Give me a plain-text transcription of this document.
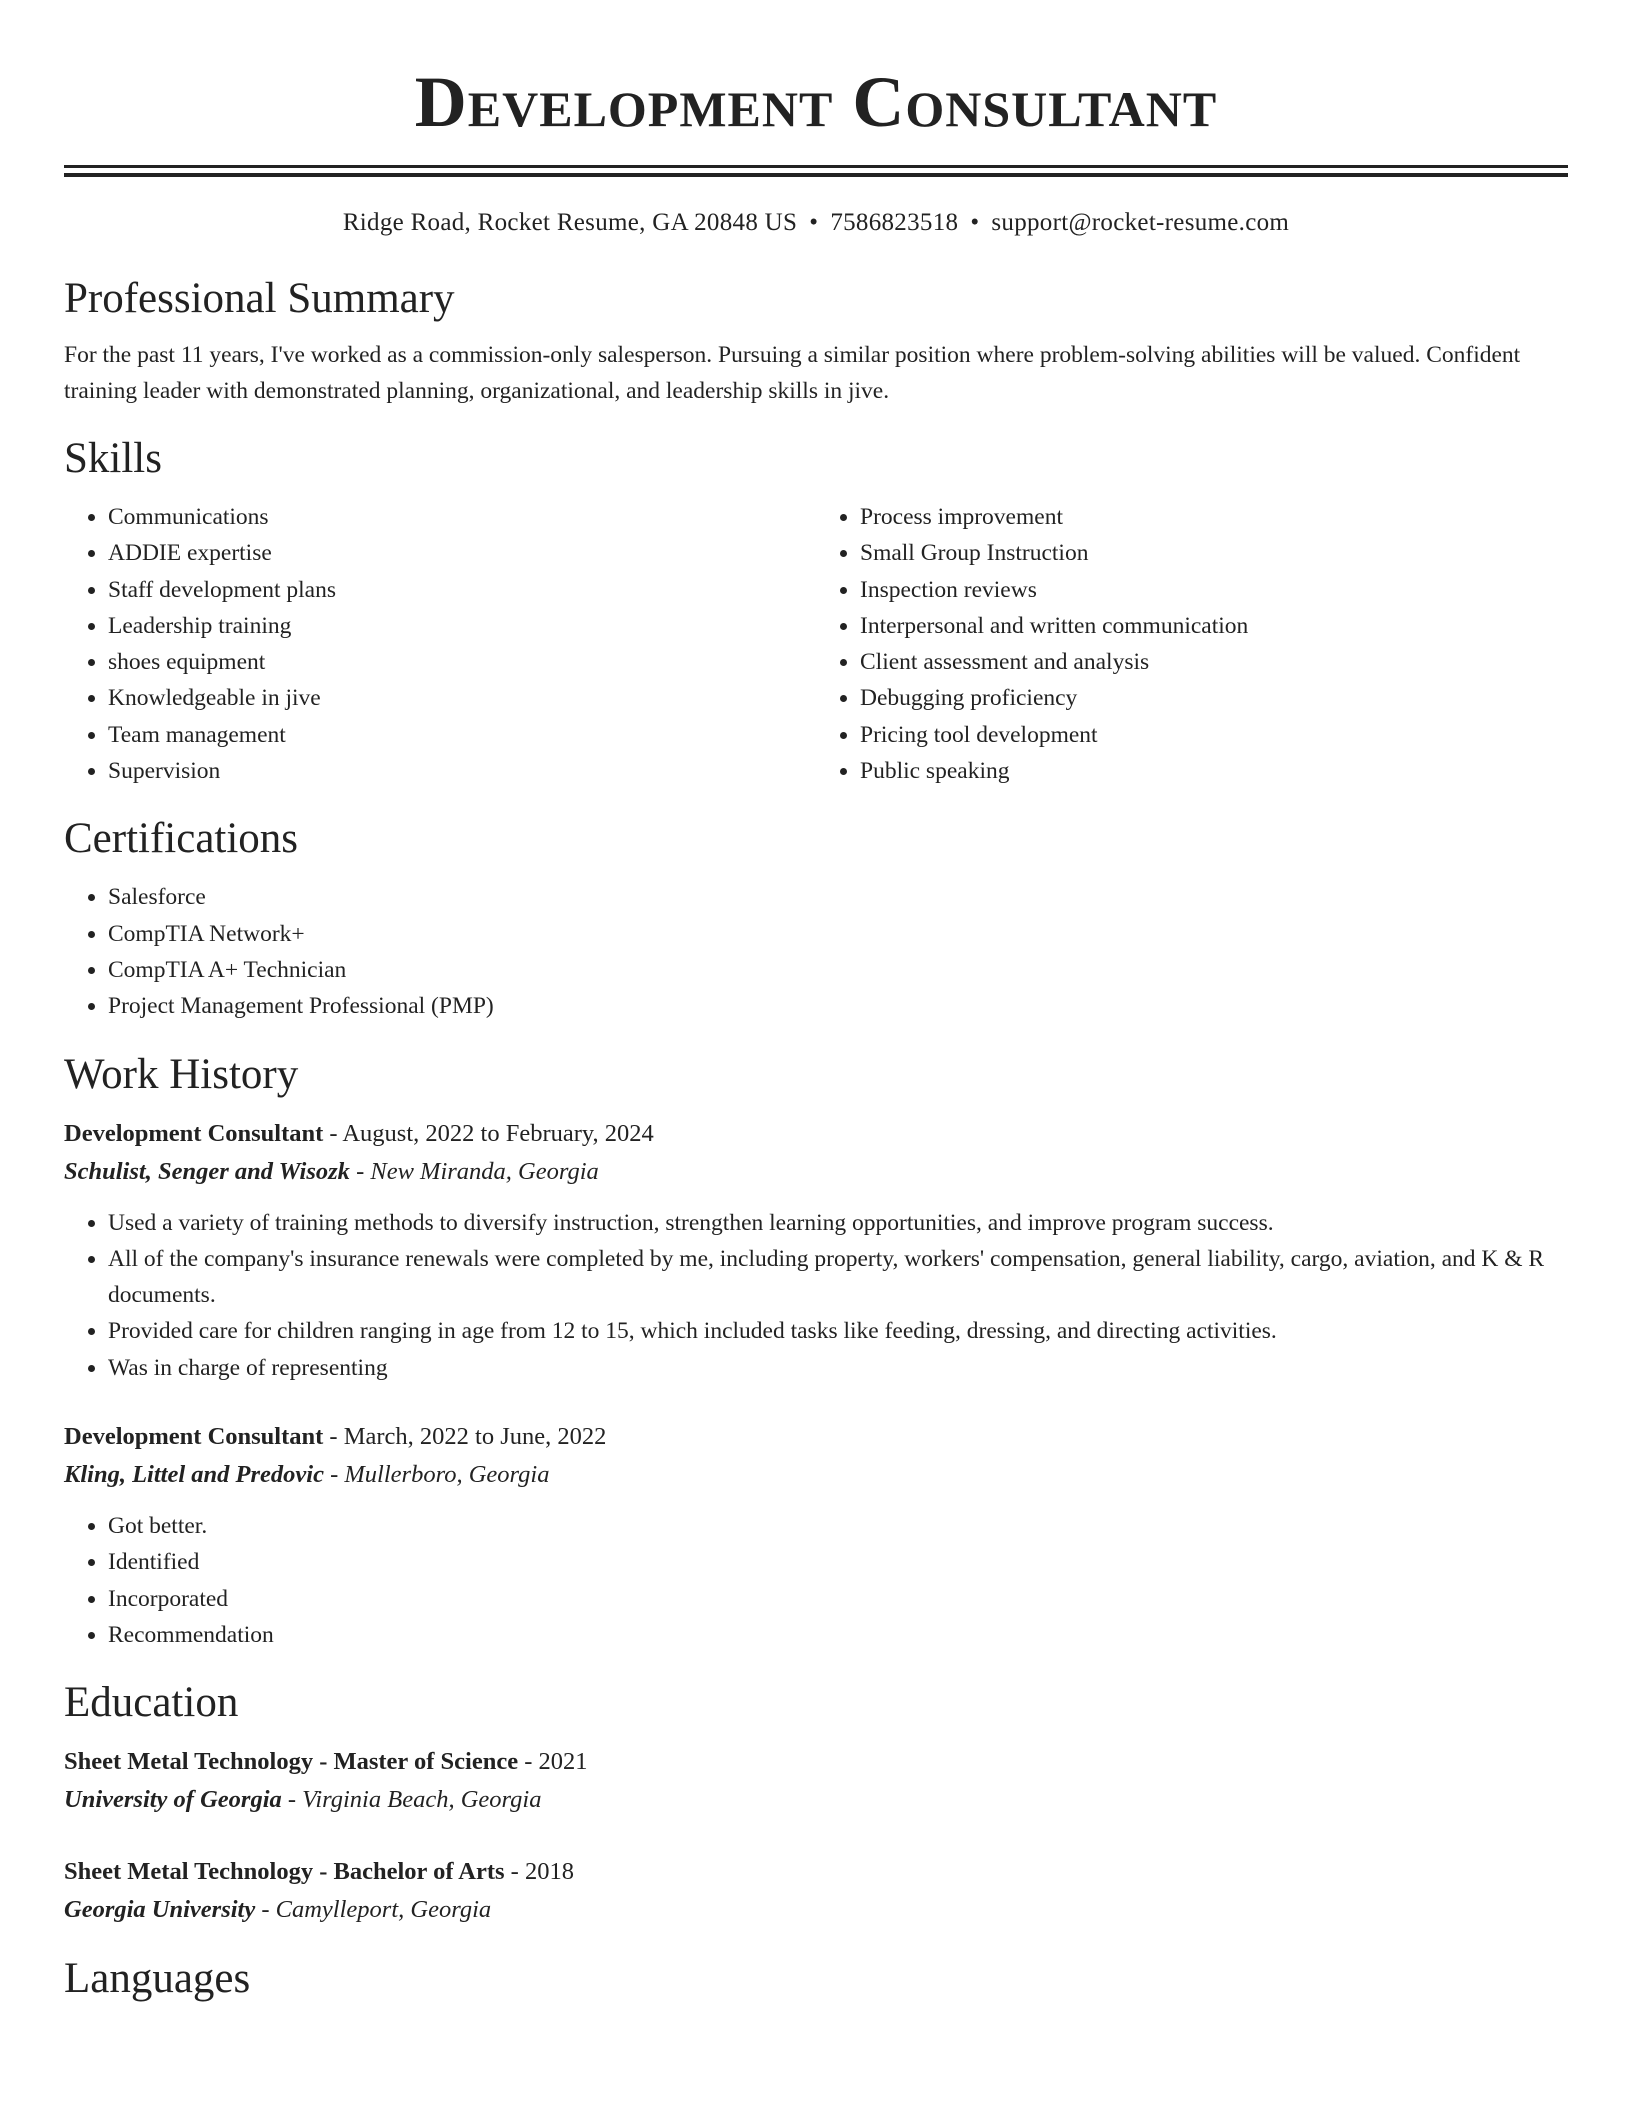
Development Consultant
Ridge Road, Rocket Resume, GA 20848 US • 7586823518 • support@rocket-resume.com
Professional Summary

For the past 11 years, I've worked as a commission-only salesperson. Pursuing a similar position where problem-solving abilities will be valued. Confident training leader with demonstrated planning, organizational, and leadership skills in jive.

Skills
• Communications
• ADDIE expertise
• Staff development plans
• Leadership training
• shoes equipment
• Knowledgeable in jive
• Team management
• Supervision
• Process improvement
• Small Group Instruction
• Inspection reviews
• Interpersonal and written communication
• Client assessment and analysis
• Debugging proficiency
• Pricing tool development
• Public speaking
Certifications
• Salesforce
• CompTIA Network+
• CompTIA A+ Technician
• Project Management Professional (PMP)
Work History
Development Consultant - August, 2022 to February, 2024
Schulist, Senger and Wisozk - New Miranda, Georgia
• Used a variety of training methods to diversify instruction, strengthen learning opportunities, and improve program success.
• All of the company's insurance renewals were completed by me, including property, workers' compensation, general liability, cargo, aviation, and K & R documents.
• Provided care for children ranging in age from 12 to 15, which included tasks like feeding, dressing, and directing activities.
• Was in charge of representing
Development Consultant - March, 2022 to June, 2022
Kling, Littel and Predovic - Mullerboro, Georgia
• Got better.
• Identified
• Incorporated
• Recommendation
Education
Sheet Metal Technology - Master of Science - 2021
University of Georgia - Virginia Beach, Georgia
Sheet Metal Technology - Bachelor of Arts - 2018
Georgia University - Camylleport, Georgia
Languages
